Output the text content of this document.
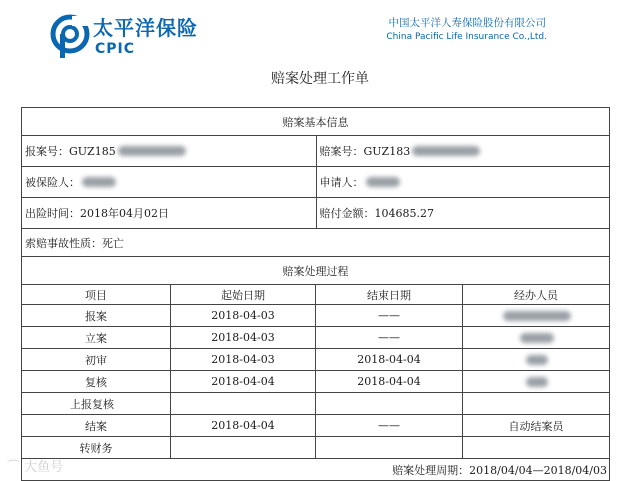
太平洋保险
CPIC
中国太平洋人寿保险股份有限公司
China Pacific Life Insurance Co.,Ltd.
赔案处理工作单
赔案基本信息
报案号：GUZ185	赔案号：GUZ183
被保险人：	申请人：
出险时间：2018年04月02日	赔付金额：104685.27
索赔事故性质：死亡
赔案处理过程
项目	起始日期	结束日期	经办人员
报案	2018-04-03	——
立案	2018-04-03	——
初审	2018-04-03	2018-04-04
复核	2018-04-04	2018-04-04
上报复核
结案	2018-04-04	——	自动结案员
转财务
赔案处理周期：2018/04/04—2018/04/03
⌒ 大鱼号
